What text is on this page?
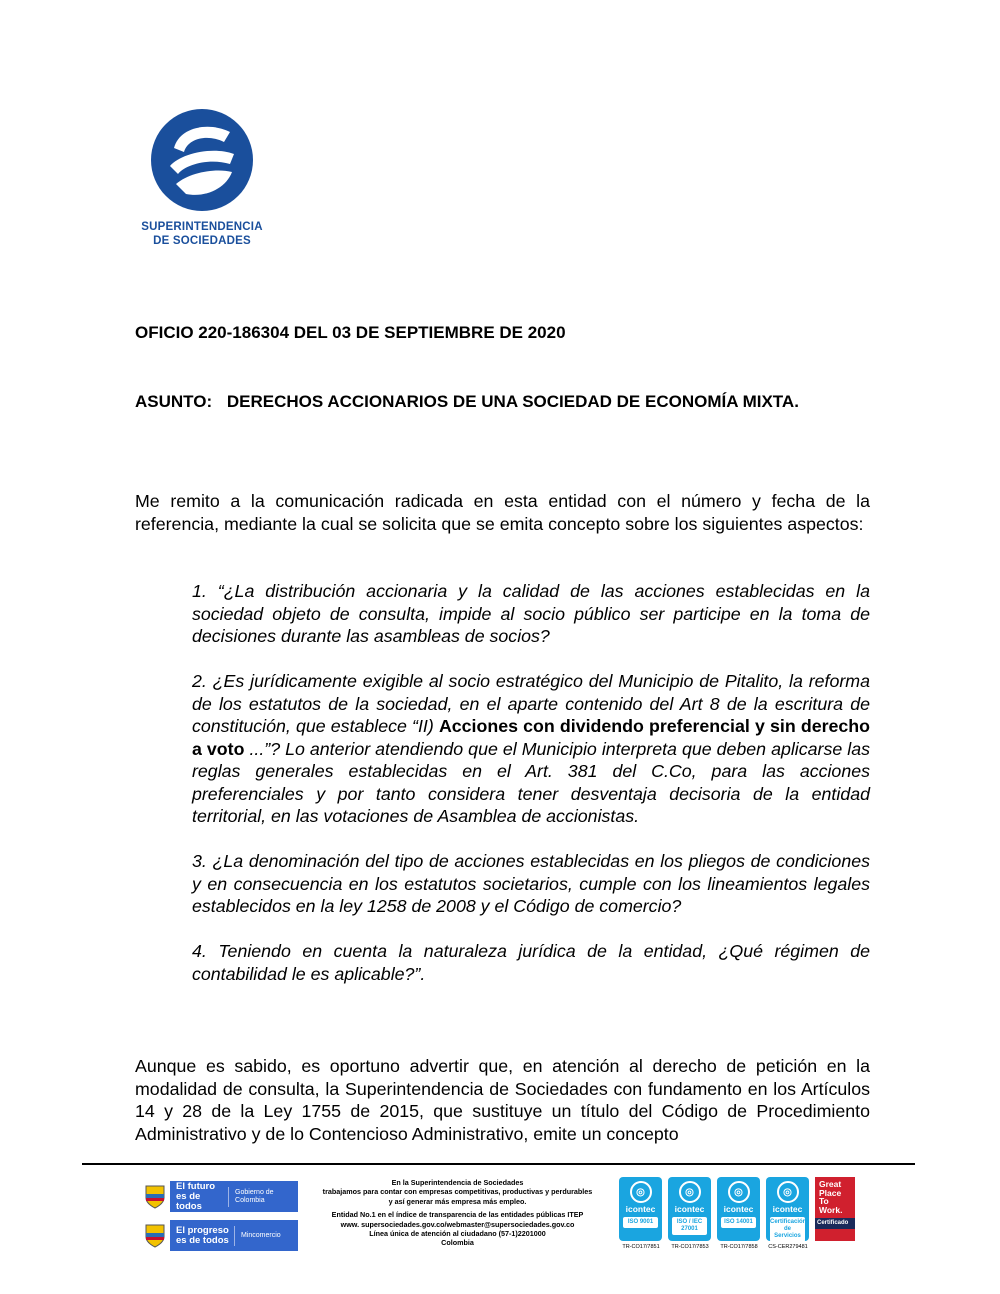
SUPERINTENDENCIA
DE SOCIEDADES

OFICIO 220-186304 DEL 03 DE SEPTIEMBRE DE 2020

ASUNTO: DERECHOS ACCIONARIOS DE UNA SOCIEDAD DE ECONOMÍA MIXTA.

Me remito a la comunicación radicada en esta entidad con el número y fecha de la referencia, mediante la cual se solicita que se emita concepto sobre los siguientes aspectos:

1. “¿La distribución accionaria y la calidad de las acciones establecidas en la sociedad objeto de consulta, impide al socio público ser participe en la toma de decisiones durante las asambleas de socios?
2. ¿Es jurídicamente exigible al socio estratégico del Municipio de Pitalito, la reforma de los estatutos de la sociedad, en el aparte contenido del Art 8 de la escritura de constitución, que establece “II) Acciones con dividendo preferencial y sin derecho a voto ...”? Lo anterior atendiendo que el Municipio interpreta que deben aplicarse las reglas generales establecidas en el Art. 381 del C.Co, para las acciones preferenciales y por tanto considera tener desventaja decisoria de la entidad territorial, en las votaciones de Asamblea de accionistas.
3. ¿La denominación del tipo de acciones establecidas en los pliegos de condiciones y en consecuencia en los estatutos societarios, cumple con los lineamientos legales establecidos en la ley 1258 de 2008 y el Código de comercio?
4. Teniendo en cuenta la naturaleza jurídica de la entidad, ¿Qué régimen de contabilidad le es aplicable?”.

Aunque es sabido, es oportuno advertir que, en atención al derecho de petición en la modalidad de consulta, la Superintendencia de Sociedades con fundamento en los Artículos 14 y 28 de la Ley 1755 de 2015, que sustituye un título del Código de Procedimiento Administrativo y de lo Contencioso Administrativo, emite un concepto

El futuro es de todos
Gobierno de Colombia
El progreso es de todos	Mincomercio

En la Superintendencia de Sociedades

trabajamos para contar con empresas competitivas, productivas y perdurables

y así generar más empresa más empleo.

Entidad No.1 en el índice de transparencia de las entidades públicas ITEP

www. supersociedades.gov.co/webmaster@supersociedades.gov.co

Línea única de atención al ciudadano (57-1)2201000

Colombia

◎
icontec
ISO 9001
TR-CO17/7851
◎
icontec
ISO / IEC 27001
TR-CO17/7853
◎
icontec
ISO 14001
TR-CO17/7858
◎
icontec
Certificación de Servicios
CS-CER279481
Great
Place
To
Work.
Certificado
